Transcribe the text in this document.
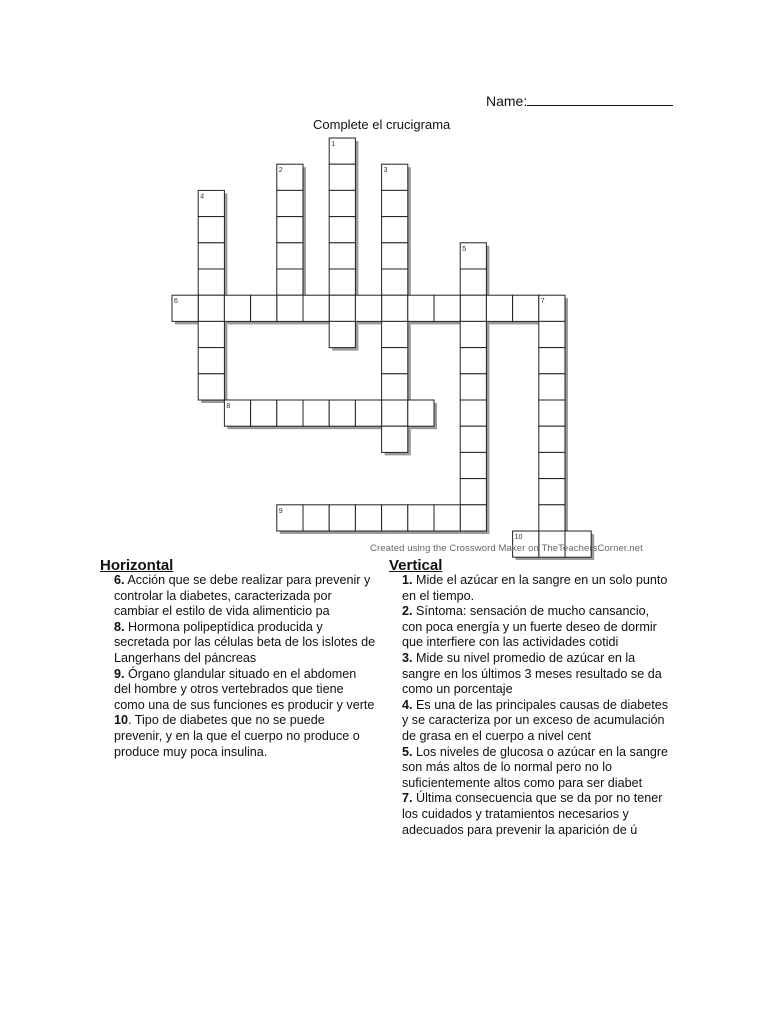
Name:
Complete el crucigrama
1
2	3
4
5
6	7
8
9
10
Created using the Crossword Maker on TheTeachersCorner.net
Horizontal	Vertical

6. Acción que se debe realizar para prevenir y controlar la diabetes, caracterizada por cambiar el estilo de vida alimenticio pa

8. Hormona polipeptídica producida y secretada por las células beta de los islotes de Langerhans del páncreas

9. Órgano glandular situado en el abdomen del hombre y otros vertebrados que tiene como una de sus funciones es producir y verte

10. Tipo de diabetes que no se puede prevenir, y en la que el cuerpo no produce o produce muy poca insulina.

1. Mide el azúcar en la sangre en un solo punto en el tiempo.

2. Síntoma: sensación de mucho cansancio, con poca energía y un fuerte deseo de dormir que interfiere con las actividades cotidi

3. Mide su nivel promedio de azúcar en la sangre en los últimos 3 meses resultado se da como un porcentaje

4. Es una de las principales causas de diabetes y se caracteriza por un exceso de acumulación de grasa en el cuerpo a nivel cent

5. Los niveles de glucosa o azúcar en la sangre son más altos de lo normal pero no lo suficientemente altos como para ser diabet

7. Última consecuencia que se da por no tener los cuidados y tratamientos necesarios y adecuados para prevenir la aparición de ú
